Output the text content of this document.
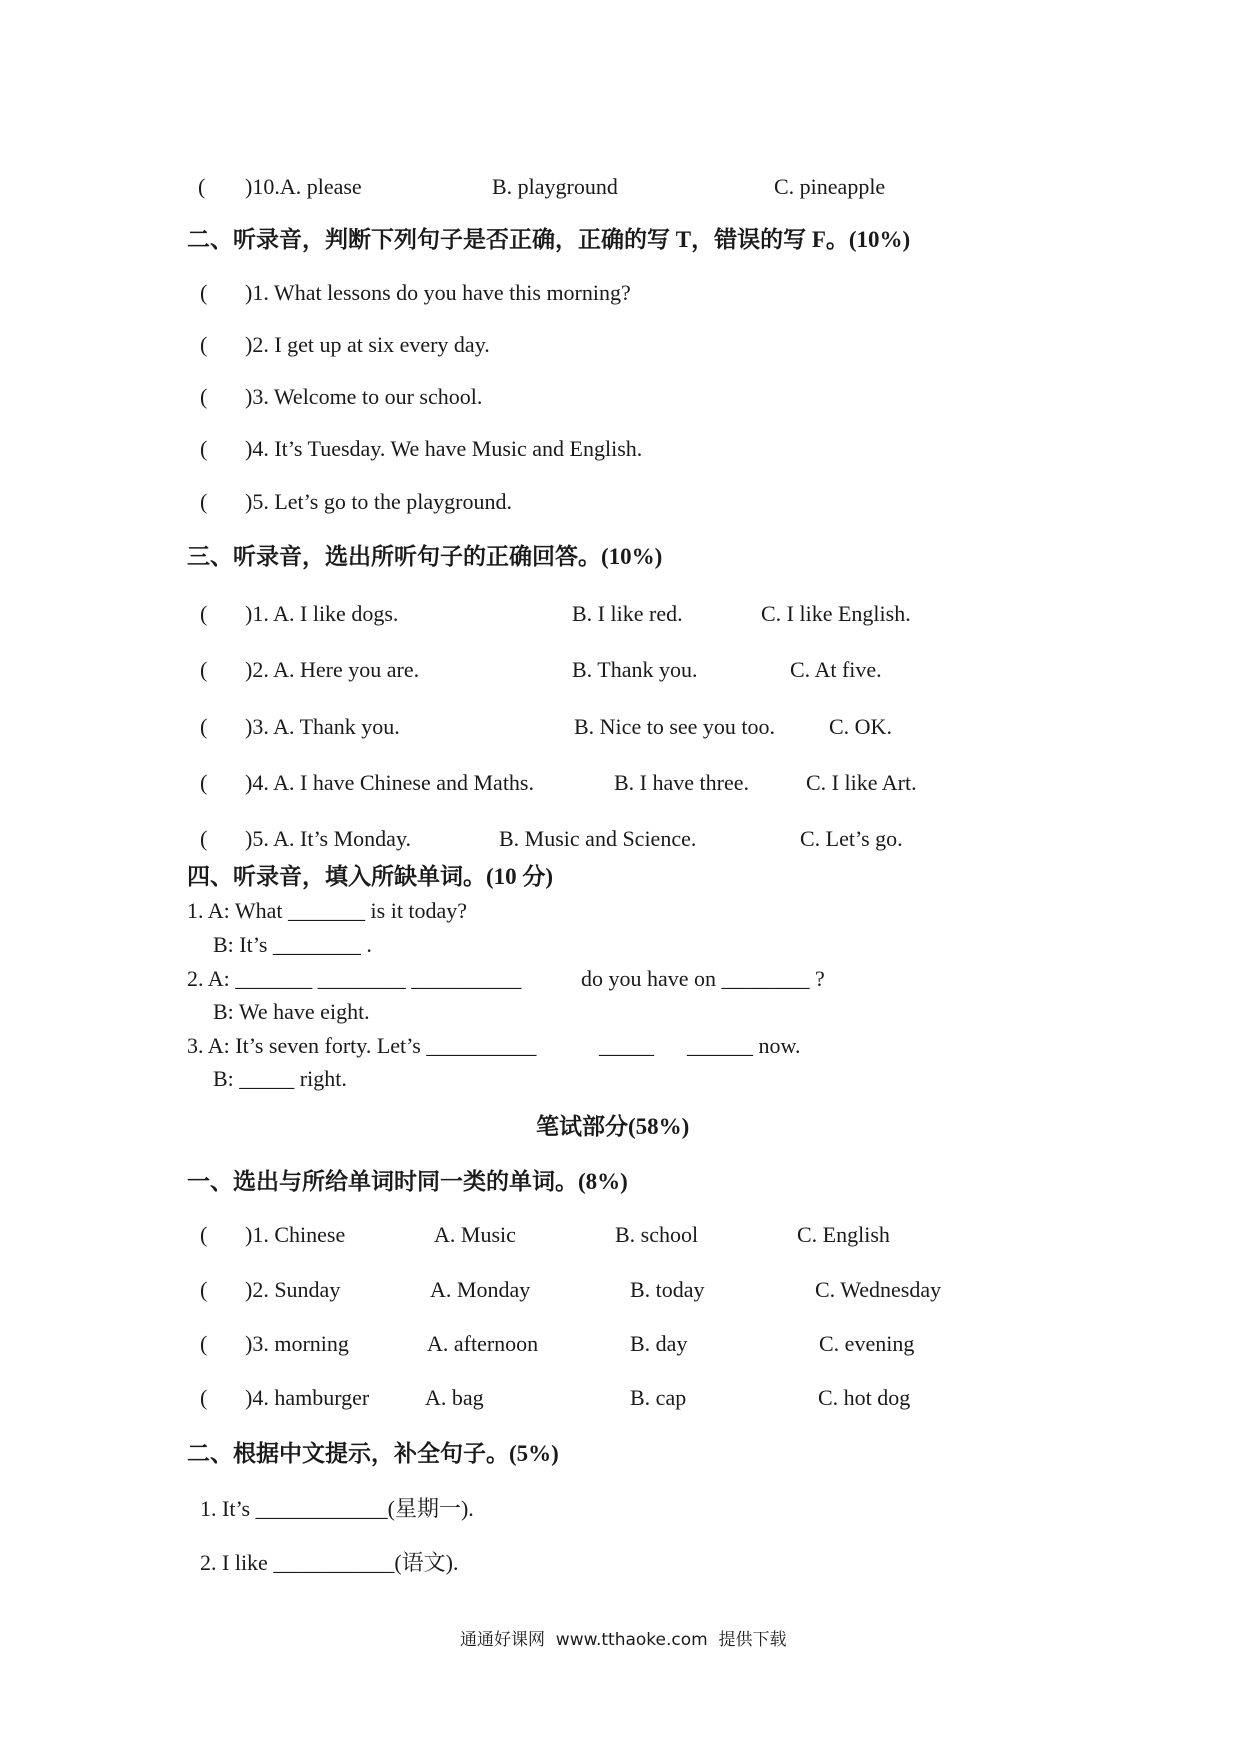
( )10.A. please	B. playground	C. pineapple
二、听录音，判断下列句子是否正确，正确的写 T，错误的写 F。(10%)
( )1. What lessons do you have this morning?
( )2. I get up at six every day.
( )3. Welcome to our school.
( )4. It’s Tuesday. We have Music and English.
( )5. Let’s go to the playground.
三、听录音，选出所听句子的正确回答。(10%)
( )1. A. I like dogs.	B. I like red.	C. I like English.
( )2. A. Here you are.	B. Thank you.	C. At five.
( )3. A. Thank you.	B. Nice to see you too. C. OK.
( )4. A. I have Chinese and Maths.	B. I have three.	C. I like Art.
( )5. A. It’s Monday.	B. Music and Science.	C. Let’s go.
四、听录音，填入所缺单词。(10 分)
1. A: What _______ is it today?
B: It’s ________ .
2. A: _______ ________ __________	do you have on ________ ?
B: We have eight.
3. A: It’s seven forty. Let’s __________	_____ ______ now.
B: _____ right.
笔试部分(58%)
一、选出与所给单词时同一类的单词。(8%)
( )1. Chinese	A. Music	B. school	C. English
( )2. Sunday	A. Monday	B. today	C. Wednesday
( )3. morning	A. afternoon	B. day	C. evening
( )4. hamburger	A. bag	B. cap	C. hot dog
二、根据中文提示，补全句子。(5%)
1. It’s ____________(星期一).
2. I like ___________(语文).
通通好课网  www.tthaoke.com  提供下载
